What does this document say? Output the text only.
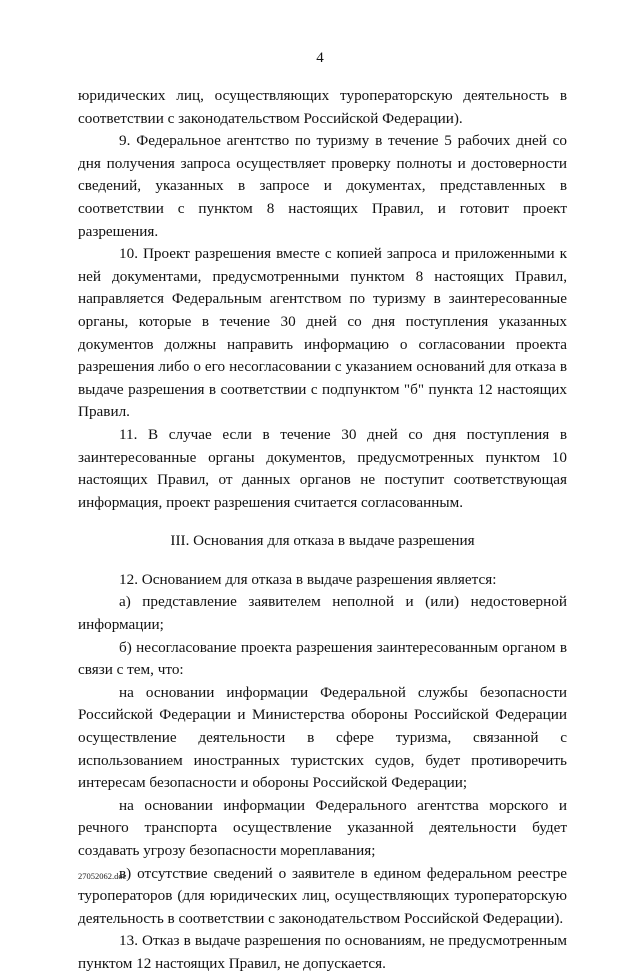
4

юридических лиц, осуществляющих туроператорскую деятельность в соответствии с законодательством Российской Федерации).

9. Федеральное агентство по туризму в течение 5 рабочих дней со дня получения запроса осуществляет проверку полноты и достоверности сведений, указанных в запросе и документах, представленных в соответствии с пунктом 8 настоящих Правил, и готовит проект разрешения.

10. Проект разрешения вместе с копией запроса и приложенными к ней документами, предусмотренными пунктом 8 настоящих Правил, направляется Федеральным агентством по туризму в заинтересованные органы, которые в течение 30 дней со дня поступления указанных документов должны направить информацию о согласовании проекта разрешения либо о его несогласовании с указанием оснований для отказа в выдаче разрешения в соответствии с подпунктом "б" пункта 12 настоящих Правил.

11. В случае если в течение 30 дней со дня поступления в заинтересованные органы документов, предусмотренных пунктом 10 настоящих Правил, от данных органов не поступит соответствующая информация, проект разрешения считается согласованным.

III. Основания для отказа в выдаче разрешения

12. Основанием для отказа в выдаче разрешения является:

а) представление заявителем неполной и (или) недостоверной информации;

б) несогласование проекта разрешения заинтересованным органом в связи с тем, что:

на основании информации Федеральной службы безопасности Российской Федерации и Министерства обороны Российской Федерации осуществление деятельности в сфере туризма, связанной с использованием иностранных туристских судов, будет противоречить интересам безопасности и обороны Российской Федерации;

на основании информации Федерального агентства морского и речного транспорта осуществление указанной деятельности будет создавать угрозу безопасности мореплавания;

в) отсутствие сведений о заявителе в едином федеральном реестре туроператоров (для юридических лиц, осуществляющих туроператорскую деятельность в соответствии с законодательством Российской Федерации).

13. Отказ в выдаче разрешения по основаниям, не предусмотренным пунктом 12 настоящих Правил, не допускается.

27052062.doc
